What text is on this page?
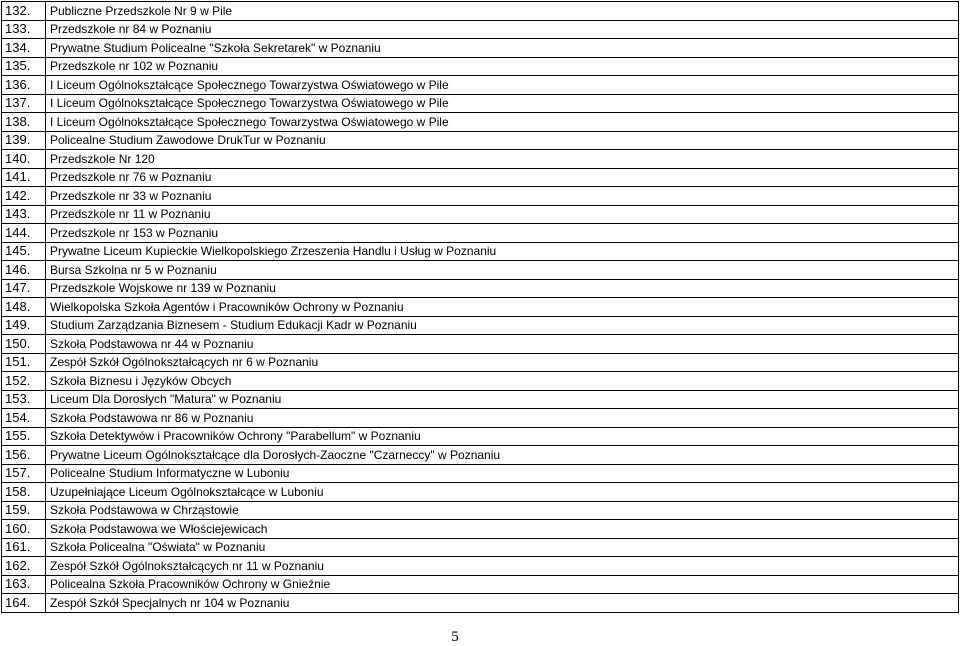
132.	Publiczne Przedszkole Nr 9 w Pile
133.	Przedszkole nr 84 w Poznaniu
134.	Prywatne Studium Policealne "Szkoła Sekretarek" w Poznaniu
135.	Przedszkole nr 102 w Poznaniu
136.	I Liceum Ogólnokształcące Społecznego Towarzystwa Oświatowego w Pile
137.	I Liceum Ogólnokształcące Społecznego Towarzystwa Oświatowego w Pile
138.	I Liceum Ogólnokształcące Społecznego Towarzystwa Oświatowego w Pile
139.	Policealne Studium Zawodowe DrukTur w Poznaniu
140.	Przedszkole Nr 120
141.	Przedszkole nr 76 w Poznaniu
142.	Przedszkole nr 33 w Poznaniu
143.	Przedszkole nr 11 w Poznaniu
144.	Przedszkole nr 153 w Poznaniu
145.	Prywatne Liceum Kupieckie Wielkopolskiego Zrzeszenia Handlu i Usług w Poznaniu
146.	Bursa Szkolna nr 5 w Poznaniu
147.	Przedszkole Wojskowe nr 139 w Poznaniu
148.	Wielkopolska Szkoła Agentów i Pracowników Ochrony w Poznaniu
149.	Studium Zarządzania Biznesem - Studium Edukacji Kadr w Poznaniu
150.	Szkoła Podstawowa nr 44 w Poznaniu
151.	Zespół Szkół Ogólnokształcących nr 6 w Poznaniu
152.	Szkoła Biznesu i Języków Obcych
153.	Liceum Dla Dorosłych "Matura" w Poznaniu
154.	Szkoła Podstawowa nr 86 w Poznaniu
155.	Szkoła Detektywów i Pracowników Ochrony "Parabellum" w Poznaniu
156.	Prywatne Liceum Ogólnokształcące dla Dorosłych-Zaoczne "Czarneccy" w Poznaniu
157.	Policealne Studium Informatyczne w Luboniu
158.	Uzupełniające Liceum Ogólnokształcące w Luboniu
159.	Szkoła Podstawowa w Chrząstowie
160.	Szkoła Podstawowa we Włościejewicach
161.	Szkoła Policealna "Oświata" w Poznaniu
162.	Zespół Szkół Ogólnokształcących nr 11 w Poznaniu
163.	Policealna Szkoła Pracowników Ochrony w Gnieźnie
164.	Zespół Szkół Specjalnych nr 104 w Poznaniu
5
